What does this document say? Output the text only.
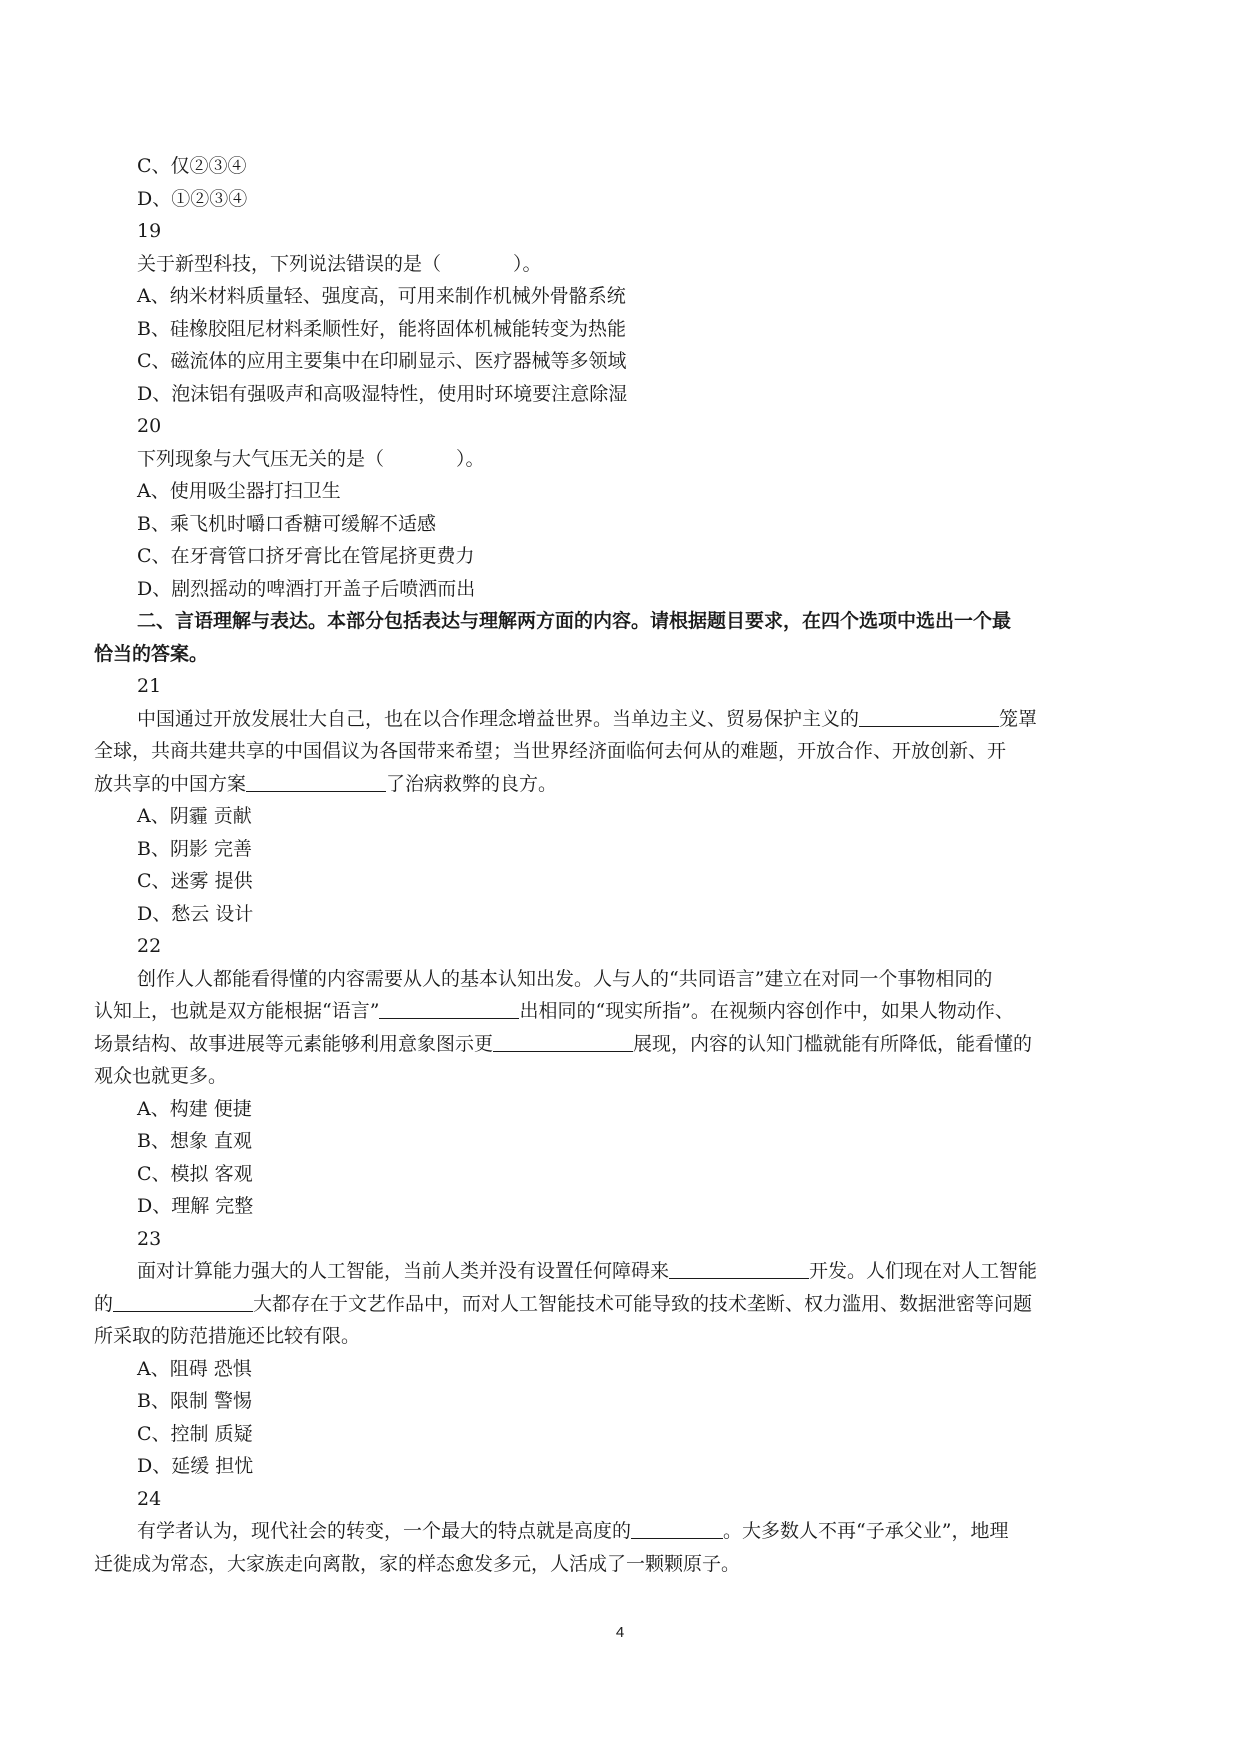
C、仅②③④
D、①②③④
19
关于新型科技，下列说法错误的是（	）。
A、纳米材料质量轻、强度高，可用来制作机械外骨骼系统
B、硅橡胶阻尼材料柔顺性好，能将固体机械能转变为热能
C、磁流体的应用主要集中在印刷显示、医疗器械等多领域
D、泡沫铝有强吸声和高吸湿特性，使用时环境要注意除湿
20
下列现象与大气压无关的是（	）。
A、使用吸尘器打扫卫生
B、乘飞机时嚼口香糖可缓解不适感
C、在牙膏管口挤牙膏比在管尾挤更费力
D、剧烈摇动的啤酒打开盖子后喷洒而出
二、言语理解与表达。本部分包括表达与理解两方面的内容。请根据题目要求，在四个选项中选出一个最
恰当的答案。
21
中国通过开放发展壮大自己，也在以合作理念增益世界。当单边主义、贸易保护主义的	笼罩
全球，共商共建共享的中国倡议为各国带来希望；当世界经济面临何去何从的难题，开放合作、开放创新、开
放共享的中国方案	了治病救弊的良方。
A、阴霾 贡献
B、阴影 完善
C、迷雾 提供
D、愁云 设计
22
创作人人都能看得懂的内容需要从人的基本认知出发。人与人的“共同语言”建立在对同一个事物相同的
认知上，也就是双方能根据“语言”	出相同的“现实所指”。在视频内容创作中，如果人物动作、
场景结构、故事进展等元素能够利用意象图示更	展现，内容的认知门槛就能有所降低，能看懂的
观众也就更多。
A、构建 便捷
B、想象 直观
C、模拟 客观
D、理解 完整
23
面对计算能力强大的人工智能，当前人类并没有设置任何障碍来	开发。人们现在对人工智能
的	大都存在于文艺作品中，而对人工智能技术可能导致的技术垄断、权力滥用、数据泄密等问题
所采取的防范措施还比较有限。
A、阻碍 恐惧
B、限制 警惕
C、控制 质疑
D、延缓 担忧
24
有学者认为，现代社会的转变，一个最大的特点就是高度的	。大多数人不再“子承父业”，地理
迁徙成为常态，大家族走向离散，家的样态愈发多元，人活成了一颗颗原子。
4
